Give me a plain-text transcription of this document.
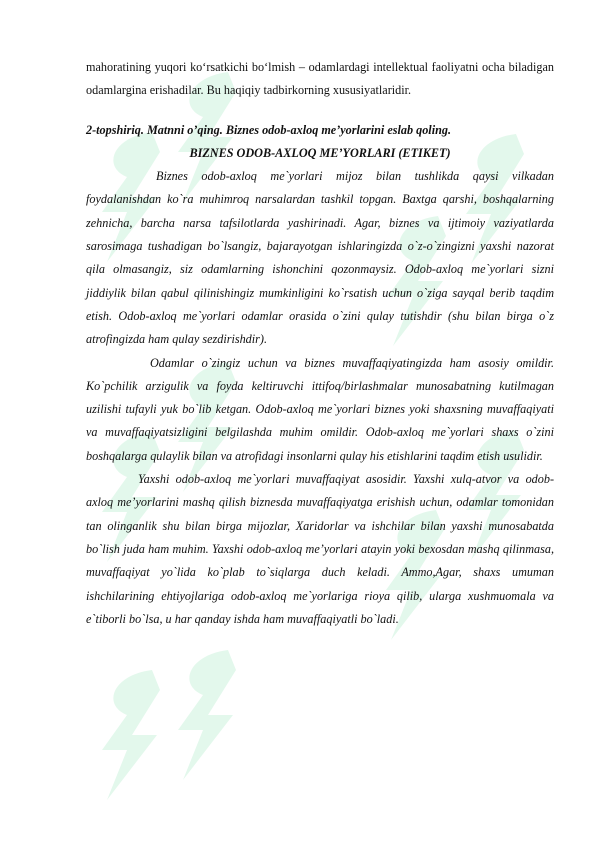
mahoratining yuqori ko‘rsatkichi bo‘lmish – odamlardagi intellektual faoliyatni ocha biladigan odamlargina erishadilar. Bu haqiqiy tadbirkorning xususiyatlaridir.

2-topshiriq. Matnni o’qing. Biznes odob-axloq me’yorlarini eslab qoling.

BIZNES ODOB-AXLOQ ME’YORLARI (ETIKET)

Biznes odob-axloq me`yorlari mijoz bilan tushlikda qaysi vilkadan foydalanishdan ko`ra muhimroq narsalardan tashkil topgan. Baxtga qarshi, boshqalarning zehnicha, barcha narsa tafsilotlarda yashirinadi. Agar, biznes va ijtimoiy vaziyatlarda sarosimaga tushadigan bo`lsangiz, bajarayotgan ishlaringizda o`z-o`zingizni yaxshi nazorat qila olmasangiz, siz odamlarning ishonchini qozonmaysiz. Odob-axloq me`yorlari sizni jiddiylik bilan qabul qilinishingiz mumkinligini ko`rsatish uchun o`ziga sayqal berib taqdim etish. Odob-axloq me`yorlari odamlar orasida o`zini qulay tutishdir (shu bilan birga o`z atrofingizda ham qulay sezdirishdir).

Odamlar o`zingiz uchun va biznes muvaffaqiyatingizda ham asosiy omildir. Ko`pchilik arzigulik va foyda keltiruvchi ittifoq/birlashmalar munosabatning kutilmagan uzilishi tufayli yuk bo`lib ketgan. Odob-axloq me`yorlari biznes yoki shaxsning muvaffaqiyati va muvaffaqiyatsizligini belgilashda muhim omildir. Odob-axloq me`yorlari shaxs o`zini boshqalarga qulaylik bilan va atrofidagi insonlarni qulay his etishlarini taqdim etish usulidir.

Yaxshi odob-axloq me`yorlari muvaffaqiyat asosidir. Yaxshi xulq-atvor va odob-axloq me’yorlarini mashq qilish biznesda muvaffaqiyatga erishish uchun, odamlar tomonidan tan olinganlik shu bilan birga mijozlar, Xaridorlar va ishchilar bilan yaxshi munosabatda bo`lish juda ham muhim. Yaxshi odob-axloq me’yorlari atayin yoki bexosdan mashq qilinmasa, muvaffaqiyat yo`lida ko`plab to`siqlarga duch keladi. Ammo,Agar, shaxs umuman ishchilarining ehtiyojlariga odob-axloq me`yorlariga rioya qilib, ularga xushmuomala va e`tiborli bo`lsa, u har qanday ishda ham muvaffaqiyatli bo`ladi.
